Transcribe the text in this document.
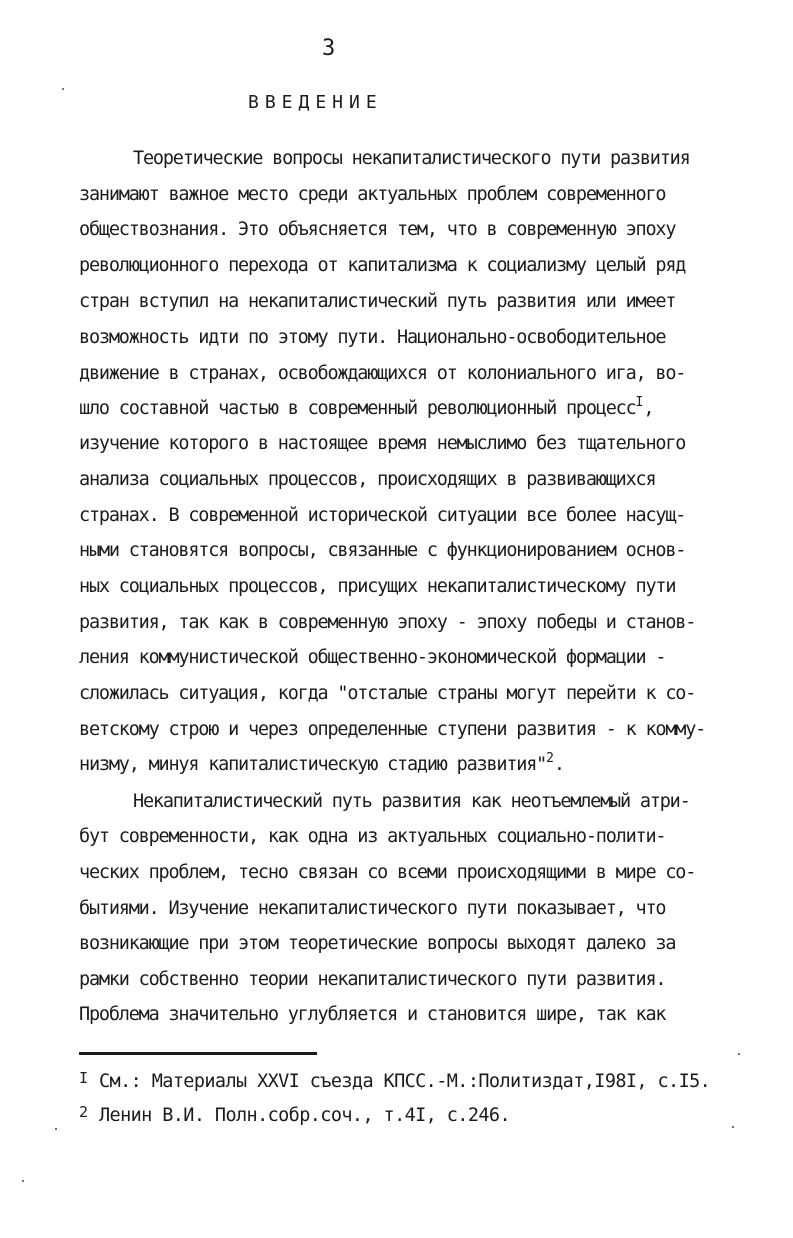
3
ВВЕДЕНИЕ
Теоретические вопросы некапиталистического пути развития
занимают важное место среди актуальных проблем современного
обществознания. Это объясняется тем, что в современную эпоху
революционного перехода от капитализма к социализму целый ряд
стран вступил на некапиталистический путь развития или имеет
возможность идти по этому пути. Национально-освободительное
движение в странах, освобождающихся от колониального ига, во-
шло составной частью в современный революционный процесс$^I$,
изучение которого в настоящее время немыслимо без тщательного
анализа социальных процессов, происходящих в развивающихся
странах. В современной исторической ситуации все более насущ-
ными становятся вопросы, связанные с функционированием основ-
ных социальных процессов, присущих некапиталистическому пути
развития, так как в современную эпоху - эпоху победы и станов-
ления коммунистической общественно-экономической формации -
сложилась ситуация, когда "отсталые страны могут перейти к со-
ветскому строю и через определенные ступени развития - к комму-
низму, минуя капиталистическую стадию развития"$^2$.
Некапиталистический путь развития как неотъемлемый атри-
бут современности, как одна из актуальных социально-полити-
ческих проблем, тесно связан со всеми происходящими в мире со-
бытиями. Изучение некапиталистического пути показывает, что
возникающие при этом теоретические вопросы выходят далеко за
рамки собственно теории некапиталистического пути развития.
Проблема значительно углубляется и становится шире, так как
I См.: Материалы XXVI съезда КПСС.-М.:Политиздат,I98I, с.I5.
2 Ленин В.И. Полн.собр.соч., т.4I, с.246.
